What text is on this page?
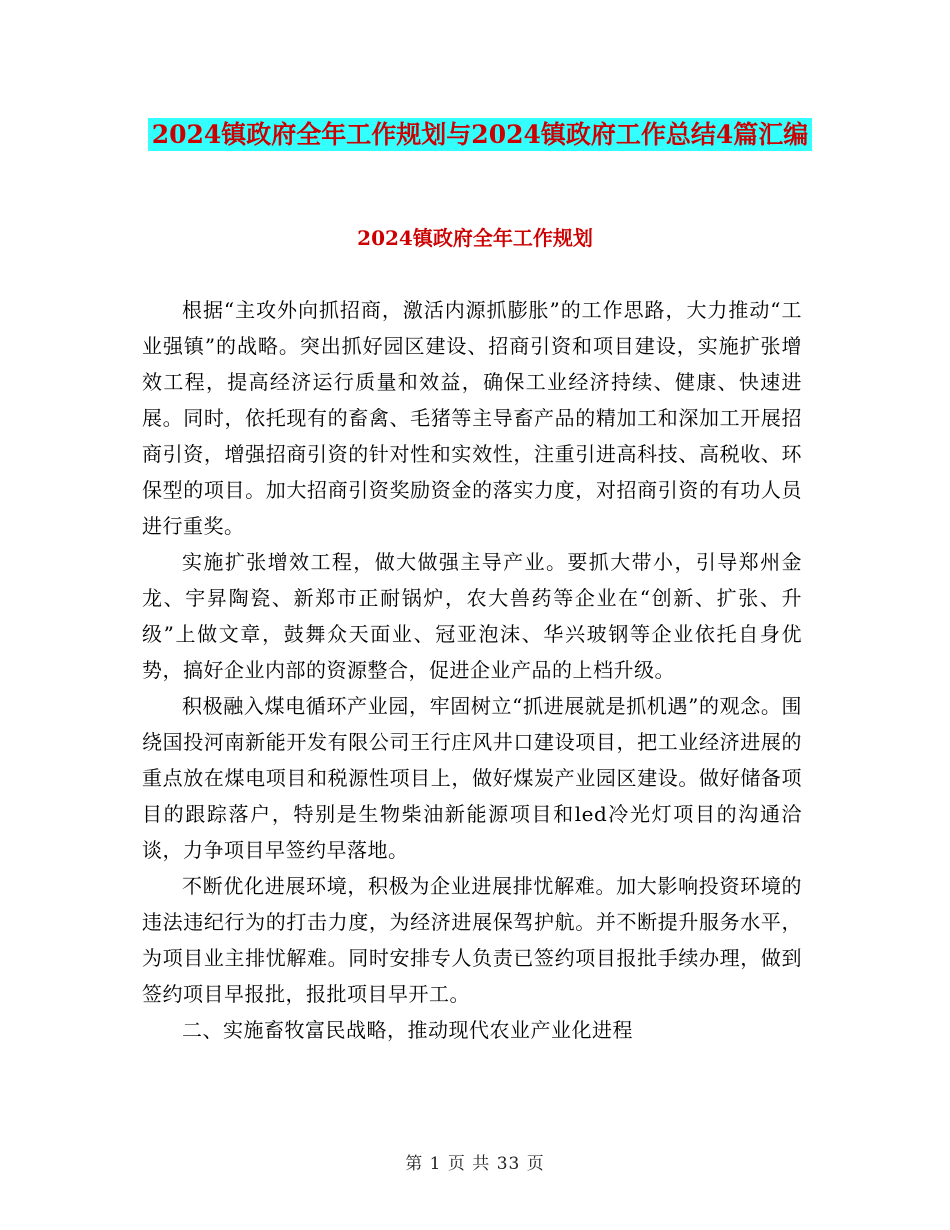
2024镇政府全年工作规划与2024镇政府工作总结4篇汇编
2024镇政府全年工作规划

根据“主攻外向抓招商，激活内源抓膨胀”的工作思路，大力推动“工业强镇”的战略。突出抓好园区建设、招商引资和项目建设，实施扩张增效工程，提高经济运行质量和效益，确保工业经济持续、健康、快速进展。同时，依托现有的畜禽、毛猪等主导畜产品的精加工和深加工开展招商引资，增强招商引资的针对性和实效性，注重引进高科技、高税收、环保型的项目。加大招商引资奖励资金的落实力度，对招商引资的有功人员进行重奖。

实施扩张增效工程，做大做强主导产业。要抓大带小，引导郑州金龙、宇昇陶瓷、新郑市正耐锅炉，农大兽药等企业在“创新、扩张、升级”上做文章，鼓舞众天面业、冠亚泡沫、华兴玻钢等企业依托自身优势，搞好企业内部的资源整合，促进企业产品的上档升级。

积极融入煤电循环产业园，牢固树立“抓进展就是抓机遇”的观念。围绕国投河南新能开发有限公司王行庄风井口建设项目，把工业经济进展的重点放在煤电项目和税源性项目上，做好煤炭产业园区建设。做好储备项目的跟踪落户，特别是生物柴油新能源项目和led冷光灯项目的沟通洽谈，力争项目早签约早落地。

不断优化进展环境，积极为企业进展排忧解难。加大影响投资环境的违法违纪行为的打击力度，为经济进展保驾护航。并不断提升服务水平，为项目业主排忧解难。同时安排专人负责已签约项目报批手续办理，做到签约项目早报批，报批项目早开工。

二、实施畜牧富民战略，推动现代农业产业化进程

第 1 页 共 33 页
